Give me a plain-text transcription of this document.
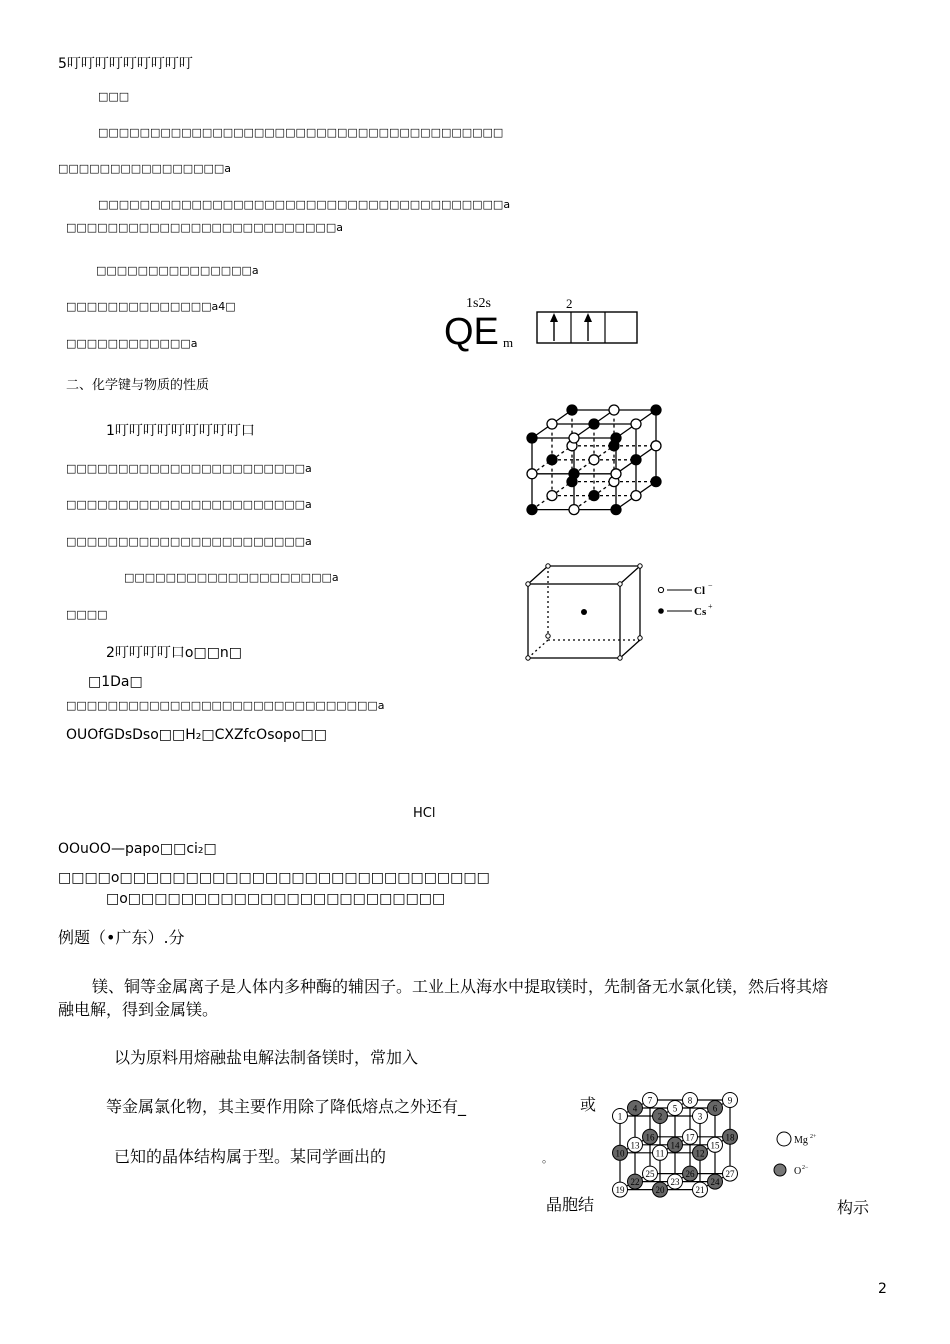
5叮叮叮叮叮叮叮叮叮
□□□
□□□□□□□□□□□□□□□□□□□□□□□□□□□□□□□□□□□□□□□
□□□□□□□□□□□□□□□□a
□□□□□□□□□□□□□□□□□□□□□□□□□□□□□□□□□□□□□□□a
□□□□□□□□□□□□□□□□□□□□□□□□□□a
□□□□□□□□□□□□□□□a
□□□□□□□□□□□□□□a4□
□□□□□□□□□□□□a
二、化学键与物质的性质
1叮叮叮叮叮叮叮叮叮口
□□□□□□□□□□□□□□□□□□□□□□□a
□□□□□□□□□□□□□□□□□□□□□□□a
□□□□□□□□□□□□□□□□□□□□□□□a
□□□□□□□□□□□□□□□□□□□□a
□□□□
2叮叮叮叮口o□□n□
□1Da□
□□□□□□□□□□□□□□□□□□□□□□□□□□□□□□a
OUOfGDsDso□□H₂□CXZfcOsopo□□
HCl
OOuOO—papo□□ci₂□
□□□□o□□□□□□□□□□□□□□□□□□□□□□□□□□□□
□o□□□□□□□□□□□□□□□□□□□□□□□□
例题（•广东）.分
镁、铜等金属离子是人体内多种酶的辅因子。工业上从海水中提取镁时，先制备无水氯化镁，然后将其熔
融电解，得到金属镁。
以为原料用熔融盐电解法制备镁时，常加入
等金属氯化物，其主要作用除了降低熔点之外还有_	或
已知的晶体结构属于型。某同学画出的	。
晶胞结	构示
2
1s2s	2
QE m
Cl −
Cs +
Mg 2+
O 2−
1	2	3
4	5	6
7	8	9
10	11	12
13	14	15
16	17	18
19	20	21
22	23	24
25	26	27
